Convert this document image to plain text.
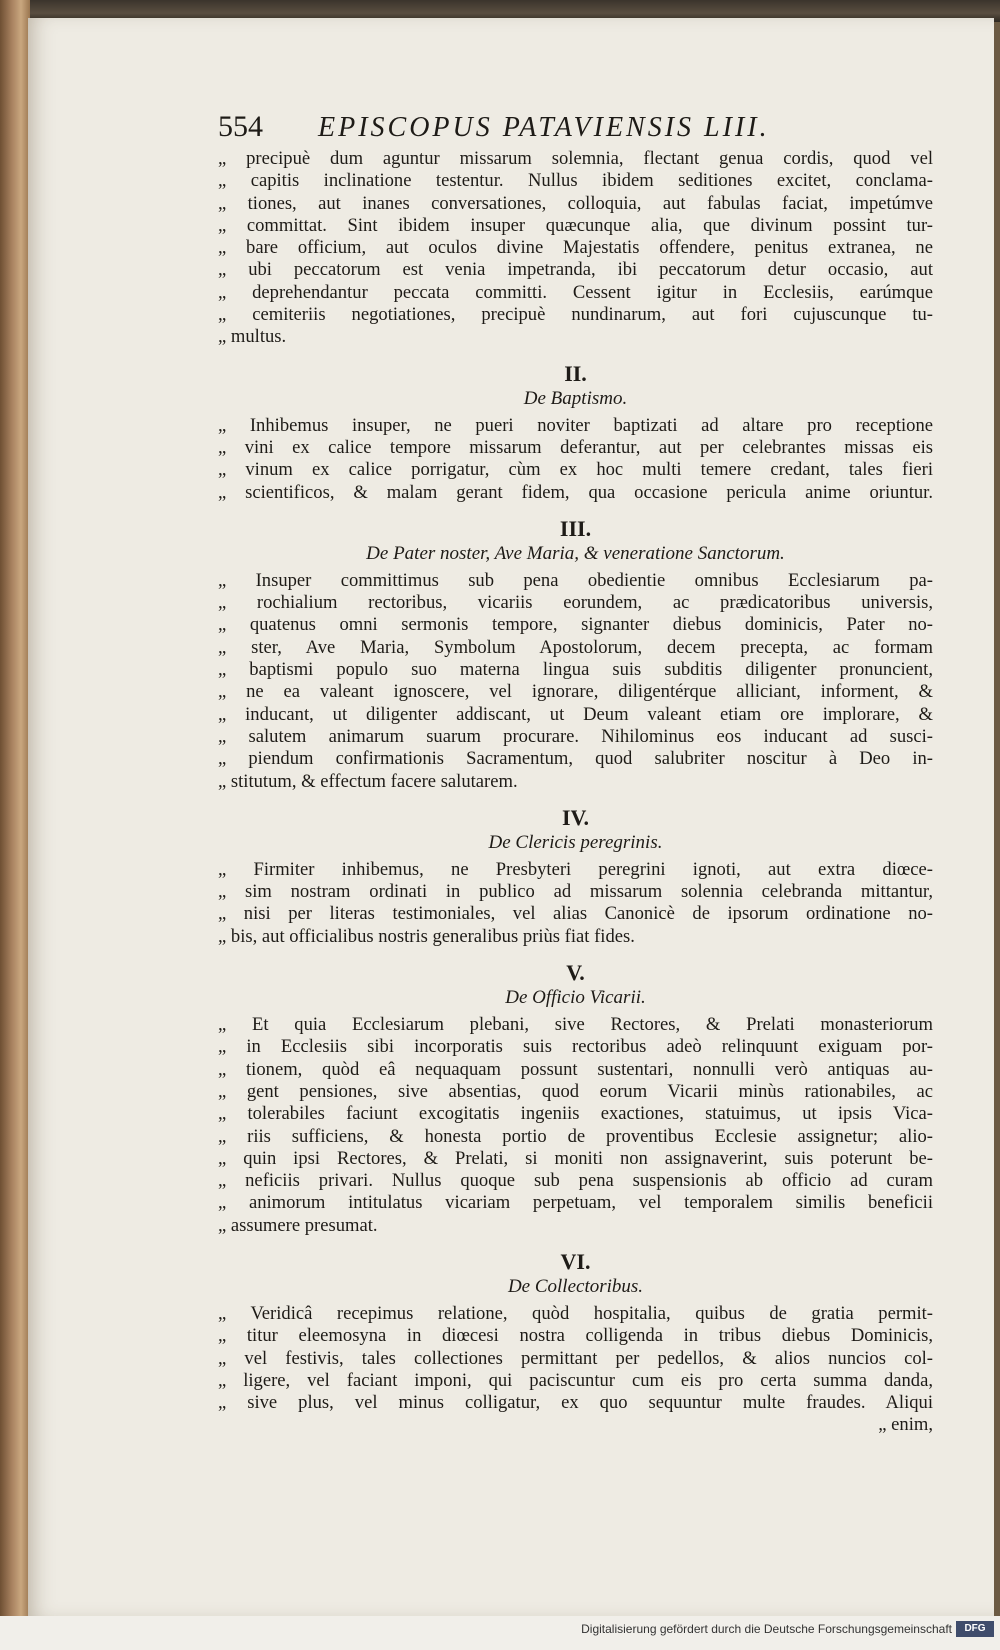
554	EPISCOPUS PATAVIENSIS LIII.
„ precipuè dum aguntur missarum solemnia, flectant genua cordis, quod vel
„ capitis inclinatione testentur. Nullus ibidem seditiones excitet, conclama-
„ tiones, aut inanes conversationes, colloquia, aut fabulas faciat, impetúmve
„ committat. Sint ibidem insuper quæcunque alia, que divinum possint tur-
„ bare officium, aut oculos divine Majestatis offendere, penitus extranea, ne
„ ubi peccatorum est venia impetranda, ibi peccatorum detur occasio, aut
„ deprehendantur peccata committi. Cessent igitur in Ecclesiis, earúmque
„ cemiteriis negotiationes, precipuè nundinarum, aut fori cujuscunque tu-
„ multus.
II.
De Baptismo.
„ Inhibemus insuper, ne pueri noviter baptizati ad altare pro receptione
„ vini ex calice tempore missarum deferantur, aut per celebrantes missas eis
„ vinum ex calice porrigatur, cùm ex hoc multi temere credant, tales fieri
„ scientificos, & malam gerant fidem, qua occasione pericula anime oriuntur.
III.
De Pater noster, Ave Maria, & veneratione Sanctorum.
„ Insuper committimus sub pena obedientie omnibus Ecclesiarum pa-
„ rochialium rectoribus, vicariis eorundem, ac prædicatoribus universis,
„ quatenus omni sermonis tempore, signanter diebus dominicis, Pater no-
„ ster, Ave Maria, Symbolum Apostolorum, decem precepta, ac formam
„ baptismi populo suo materna lingua suis subditis diligenter pronuncient,
„ ne ea valeant ignoscere, vel ignorare, diligentérque alliciant, informent, &
„ inducant, ut diligenter addiscant, ut Deum valeant etiam ore implorare, &
„ salutem animarum suarum procurare. Nihilominus eos inducant ad susci-
„ piendum confirmationis Sacramentum, quod salubriter noscitur à Deo in-
„ stitutum, & effectum facere salutarem.
IV.
De Clericis peregrinis.
„ Firmiter inhibemus, ne Presbyteri peregrini ignoti, aut extra diœce-
„ sim nostram ordinati in publico ad missarum solennia celebranda mittantur,
„ nisi per literas testimoniales, vel alias Canonicè de ipsorum ordinatione no-
„ bis, aut officialibus nostris generalibus priùs fiat fides.
V.
De Officio Vicarii.
„ Et quia Ecclesiarum plebani, sive Rectores, & Prelati monasteriorum
„ in Ecclesiis sibi incorporatis suis rectoribus adeò relinquunt exiguam por-
„ tionem, quòd eâ nequaquam possunt sustentari, nonnulli verò antiquas au-
„ gent pensiones, sive absentias, quod eorum Vicarii minùs rationabiles, ac
„ tolerabiles faciunt excogitatis ingeniis exactiones, statuimus, ut ipsis Vica-
„ riis sufficiens, & honesta portio de proventibus Ecclesie assignetur; alio-
„ quin ipsi Rectores, & Prelati, si moniti non assignaverint, suis poterunt be-
„ neficiis privari. Nullus quoque sub pena suspensionis ab officio ad curam
„ animorum intitulatus vicariam perpetuam, vel temporalem similis beneficii
„ assumere presumat.
VI.
De Collectoribus.
„ Veridicâ recepimus relatione, quòd hospitalia, quibus de gratia permit-
„ titur eleemosyna in diœcesi nostra colligenda in tribus diebus Dominicis,
„ vel festivis, tales collectiones permittant per pedellos, & alios nuncios col-
„ ligere, vel faciant imponi, qui paciscuntur cum eis pro certa summa danda,
„ sive plus, vel minus colligatur, ex quo sequuntur multe fraudes. Aliqui
„ enim,
Digitalisierung gefördert durch die Deutsche Forschungsgemeinschaft	DFG
